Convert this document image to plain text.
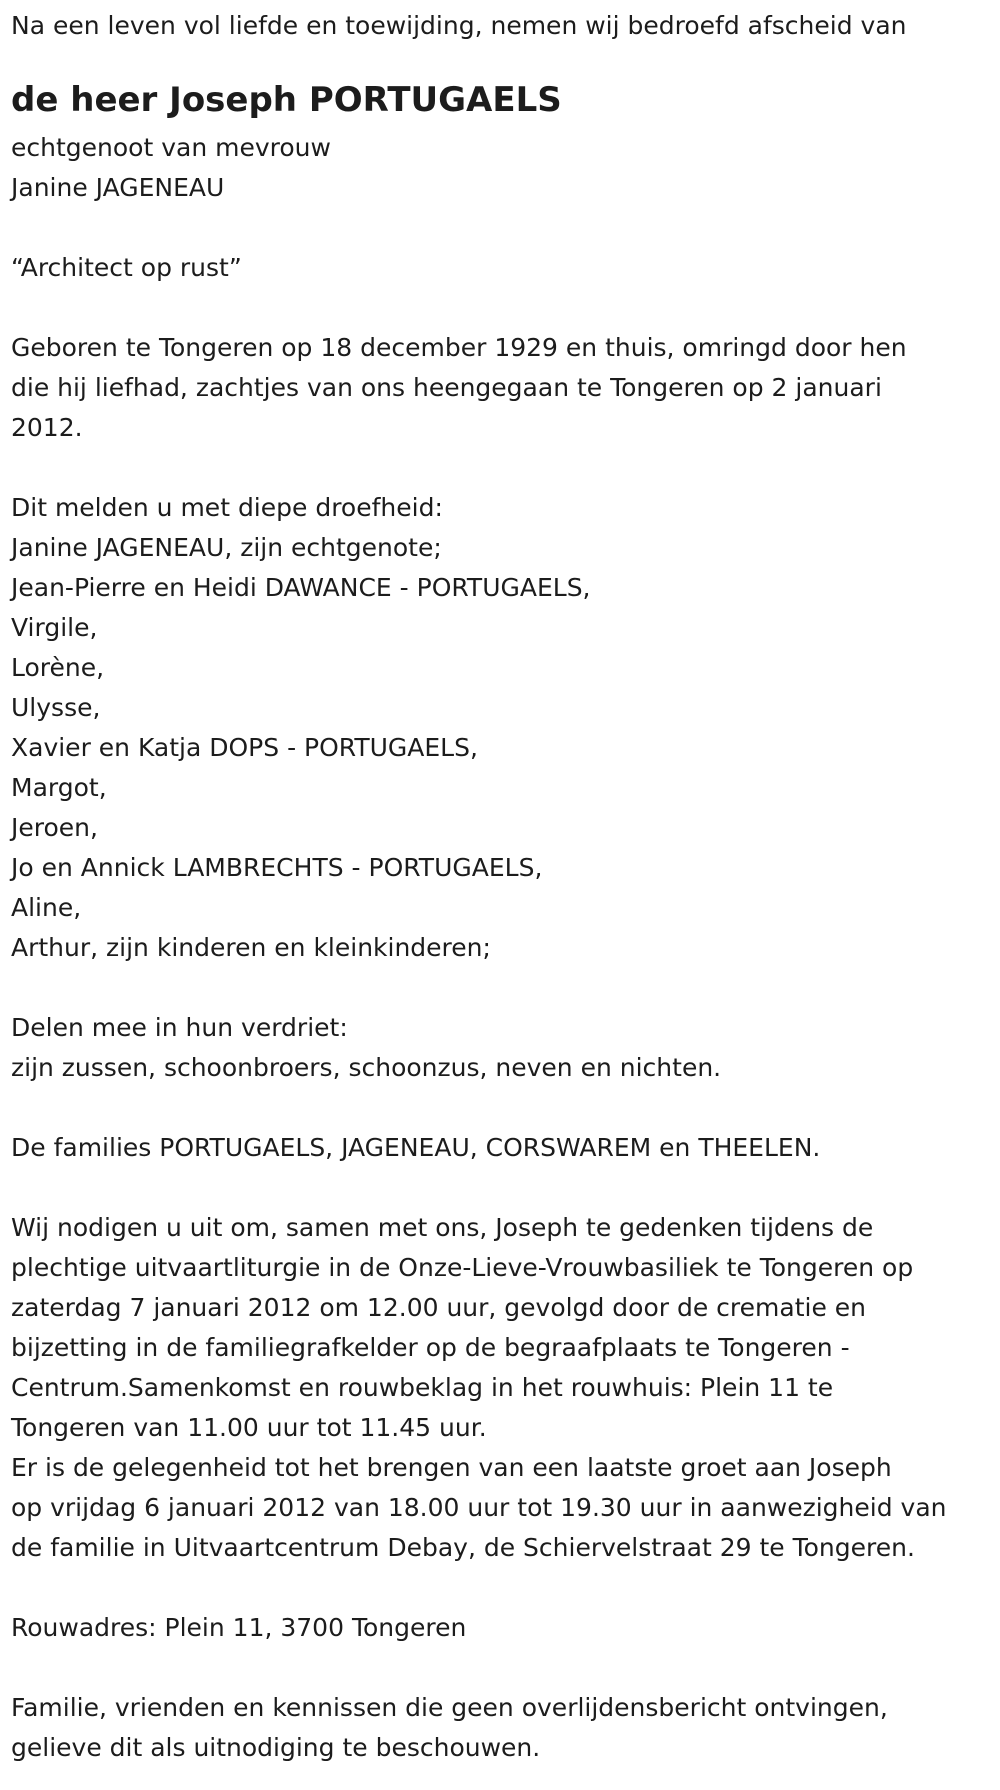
Na een leven vol liefde en toewijding, nemen wij bedroefd afscheid van
de heer Joseph PORTUGAELS
echtgenoot van mevrouw
Janine JAGENEAU
“Architect op rust”
Geboren te Tongeren op 18 december 1929 en thuis, omringd door hen
die hij liefhad, zachtjes van ons heengegaan te Tongeren op 2 januari
2012.
Dit melden u met diepe droefheid:
Janine JAGENEAU, zijn echtgenote;
Jean-Pierre en Heidi DAWANCE - PORTUGAELS,
Virgile,
Lorène,
Ulysse,
Xavier en Katja DOPS - PORTUGAELS,
Margot,
Jeroen,
Jo en Annick LAMBRECHTS - PORTUGAELS,
Aline,
Arthur, zijn kinderen en kleinkinderen;
Delen mee in hun verdriet:
zijn zussen, schoonbroers, schoonzus, neven en nichten.
De families PORTUGAELS, JAGENEAU, CORSWAREM en THEELEN.
Wij nodigen u uit om, samen met ons, Joseph te gedenken tijdens de
plechtige uitvaartliturgie in de Onze-Lieve-Vrouwbasiliek te Tongeren op
zaterdag 7 januari 2012 om 12.00 uur, gevolgd door de crematie en
bijzetting in de familiegrafkelder op de begraafplaats te Tongeren -
Centrum.Samenkomst en rouwbeklag in het rouwhuis: Plein 11 te
Tongeren van 11.00 uur tot 11.45 uur.
Er is de gelegenheid tot het brengen van een laatste groet aan Joseph
op vrijdag 6 januari 2012 van 18.00 uur tot 19.30 uur in aanwezigheid van
de familie in Uitvaartcentrum Debay, de Schiervelstraat 29 te Tongeren.
Rouwadres: Plein 11, 3700 Tongeren
Familie, vrienden en kennissen die geen overlijdensbericht ontvingen,
gelieve dit als uitnodiging te beschouwen.
